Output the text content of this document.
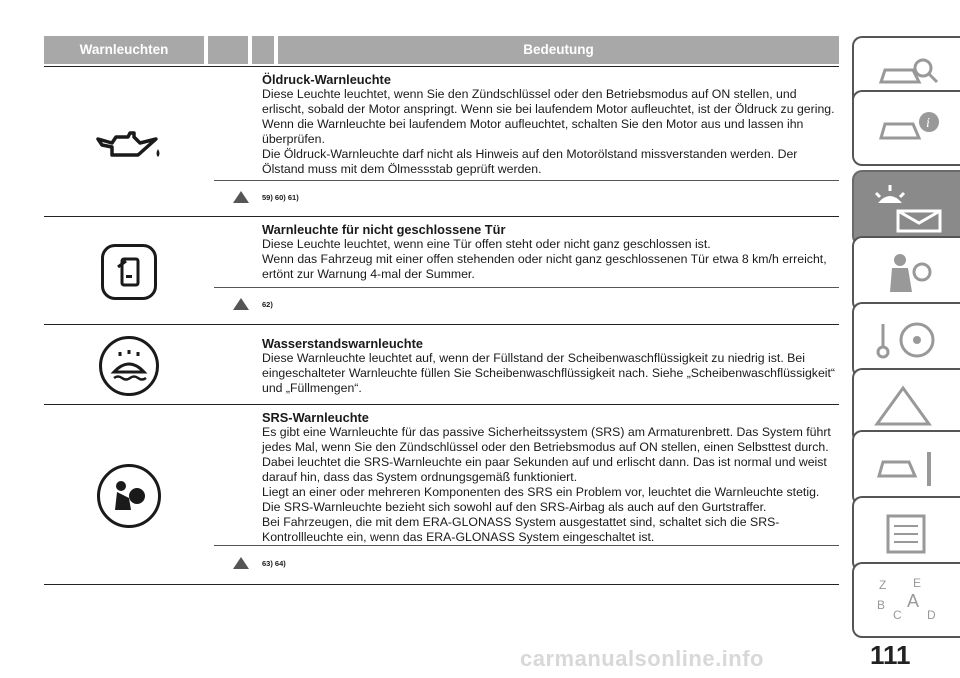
Warnleuchten	Bedeutung
Öldruck-Warnleuchte
Diese Leuchte leuchtet, wenn Sie den Zündschlüssel oder den Betriebsmodus auf ON stellen, und erlischt, sobald der Motor anspringt. Wenn sie bei laufendem Motor aufleuchtet, ist der Öldruck zu gering. Wenn die Warnleuchte bei laufendem Motor aufleuchtet, schalten Sie den Motor aus und lassen ihn überprüfen.
Die Öldruck-Warnleuchte darf nicht als Hinweis auf den Motorölstand missverstanden werden. Der Ölstand muss mit dem Ölmessstab geprüft werden.
59) 60) 61)
Warnleuchte für nicht geschlossene Tür
Diese Leuchte leuchtet, wenn eine Tür offen steht oder nicht ganz geschlossen ist.
Wenn das Fahrzeug mit einer offen stehenden oder nicht ganz geschlossenen Tür etwa 8 km/h erreicht, ertönt zur Warnung 4-mal der Summer.
62)
Wasserstandswarnleuchte
Diese Warnleuchte leuchtet auf, wenn der Füllstand der Scheibenwaschflüssigkeit zu niedrig ist. Bei eingeschalteter Warnleuchte füllen Sie Scheibenwaschflüssigkeit nach. Siehe „Scheibenwaschflüssigkeit“ und „Füllmengen“.
SRS-Warnleuchte
Es gibt eine Warnleuchte für das passive Sicherheitssystem (SRS) am Armaturenbrett. Das System führt jedes Mal, wenn Sie den Zündschlüssel oder den Betriebsmodus auf ON stellen, einen Selbsttest durch. Dabei leuchtet die SRS-Warnleuchte ein paar Sekunden auf und erlischt dann. Das ist normal und weist darauf hin, dass das System ordnungsgemäß funktioniert.
Liegt an einer oder mehreren Komponenten des SRS ein Problem vor, leuchtet die Warnleuchte stetig. Die SRS-Warnleuchte bezieht sich sowohl auf den SRS-Airbag als auch auf den Gurtstraffer.
Bei Fahrzeugen, die mit dem ERA-GLONASS System ausgestattet sind, schaltet sich die SRS-Kontrollleuchte ein, wenn das ERA-GLONASS System eingeschaltet ist.
63) 64)
i
Z E
B A
C D
111
carmanualsonline.info
